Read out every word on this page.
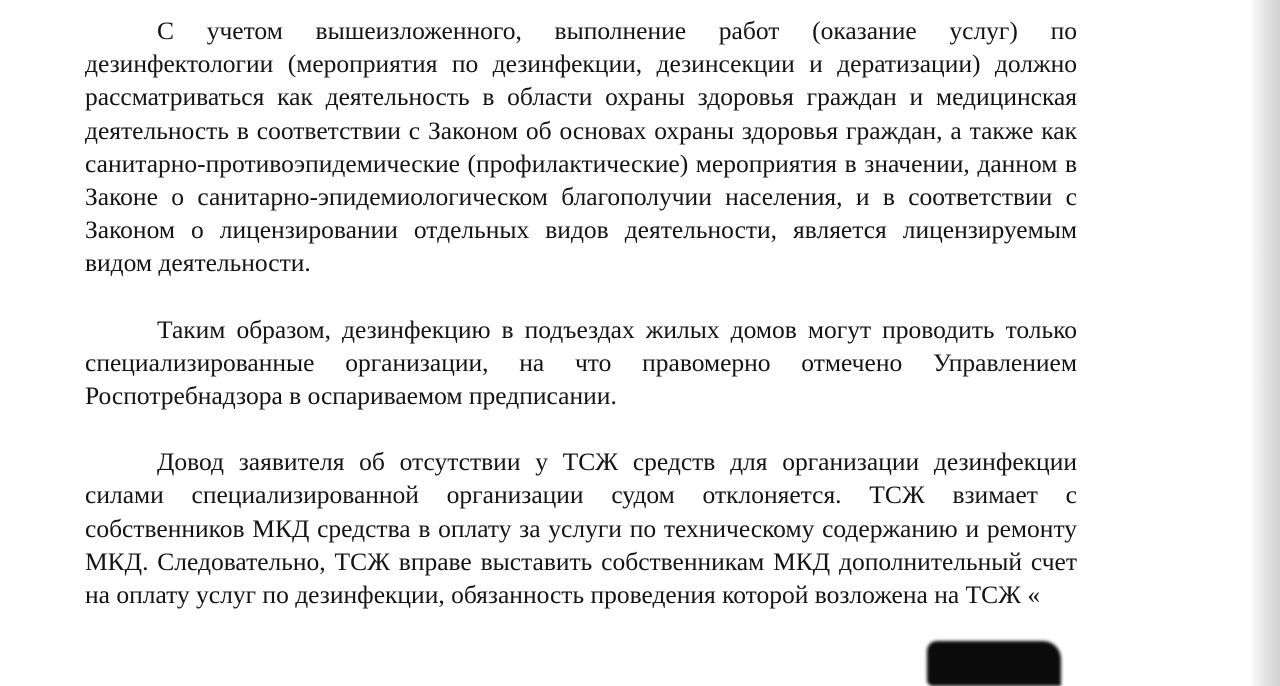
С учетом вышеизложенного, выполнение работ (оказание услуг) по дезинфектологии (мероприятия по дезинфекции, дезинсекции и дератизации) должно рассматриваться как деятельность в области охраны здоровья граждан и медицинская деятельность в соответствии с Законом об основах охраны здоровья граждан, а также как санитарно-противоэпидемические (профилактические) мероприятия в значении, данном в Законе о санитарно-эпидемиологическом благополучии населения, и в соответствии с Законом о лицензировании отдельных видов деятельности, является лицензируемым видом деятельности.

Таким образом, дезинфекцию в подъездах жилых домов могут проводить только специализированные организации, на что правомерно отмечено Управлением Роспотребнадзора в оспариваемом предписании.

Довод заявителя об отсутствии у ТСЖ средств для организации дезинфекции силами специализированной организации судом отклоняется. ТСЖ взимает с собственников МКД средства в оплату за услуги по техническому содержанию и ремонту МКД. Следовательно, ТСЖ вправе выставить собственникам МКД дополнительный счет на оплату услуг по дезинфекции, обязанность проведения которой возложена на ТСЖ «
